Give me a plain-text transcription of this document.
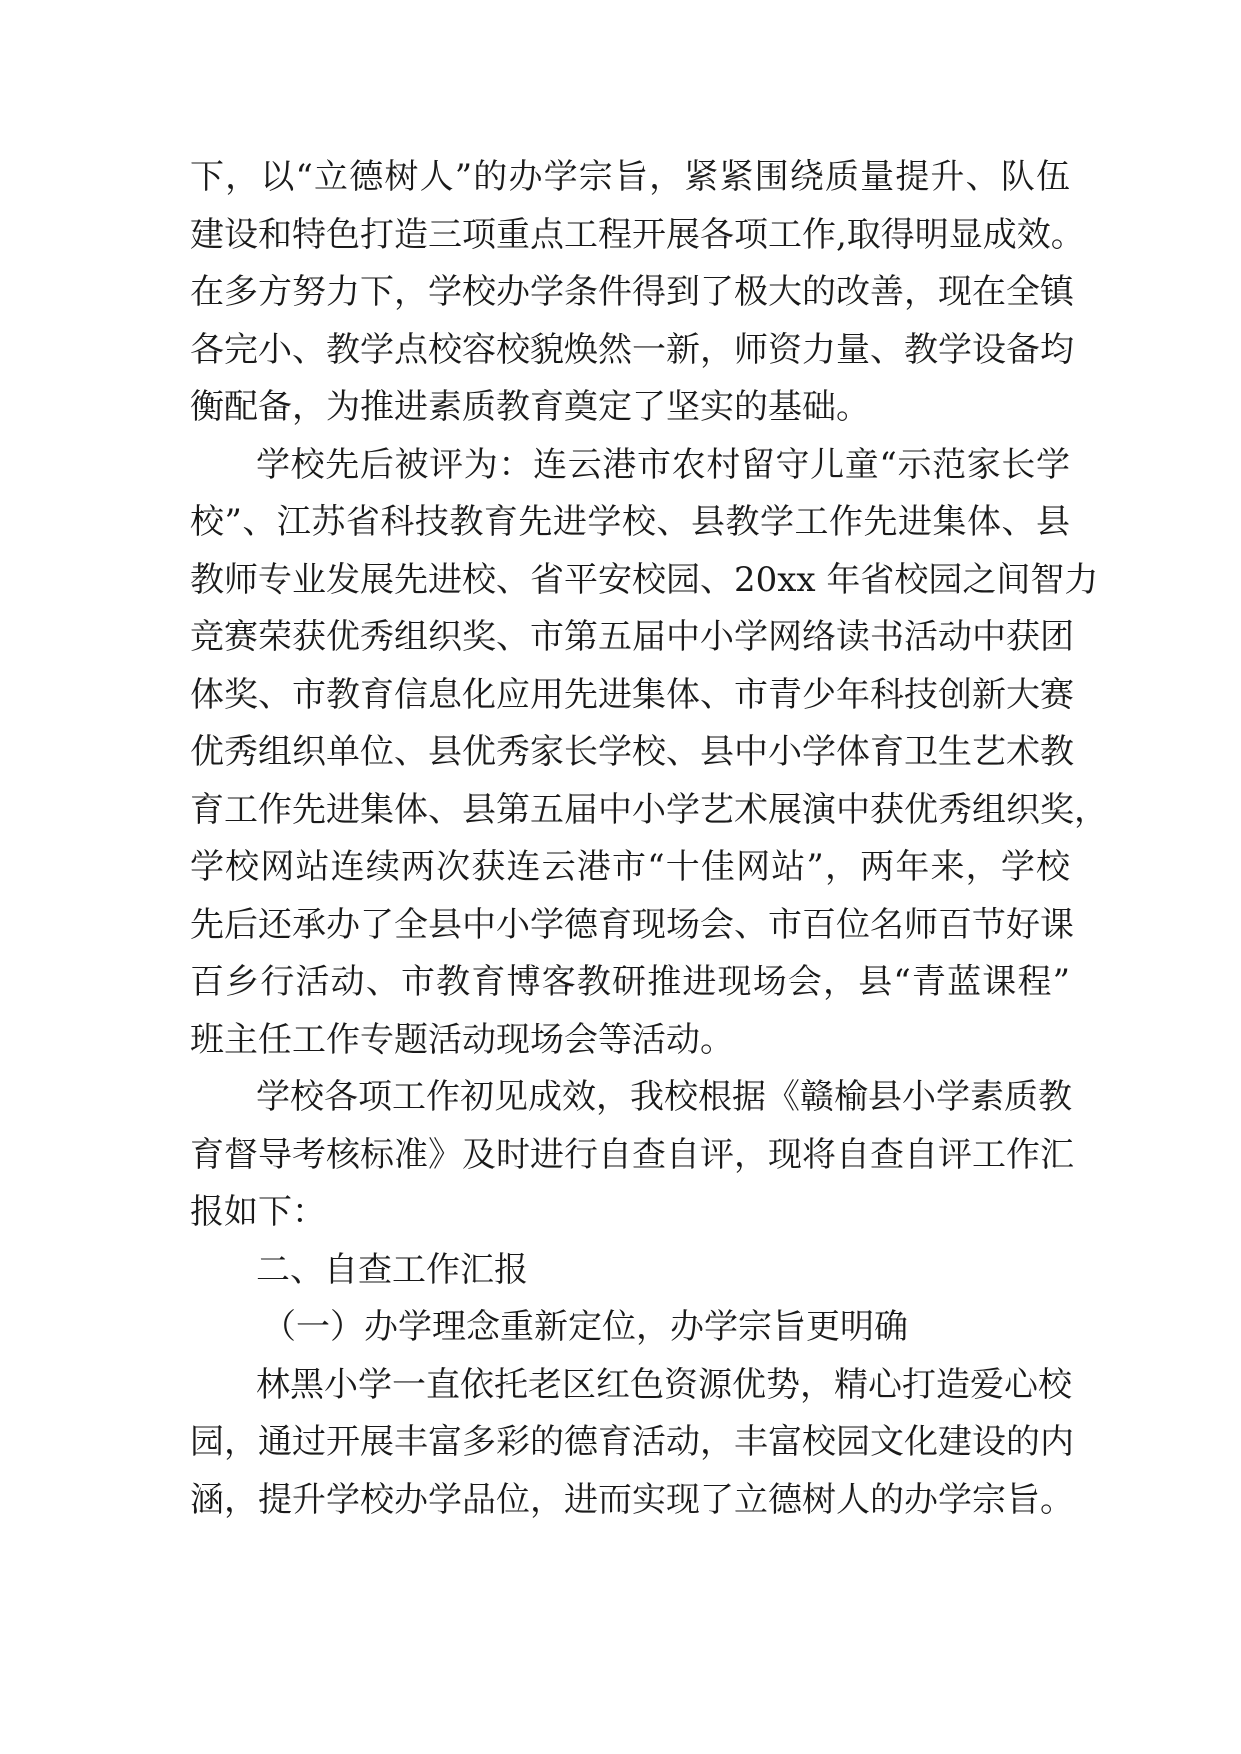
下，以“立德树人”的办学宗旨，紧紧围绕质量提升、队伍
建设和特色打造三项重点工程开展各项工作,取得明显成效。
在多方努力下，学校办学条件得到了极大的改善，现在全镇
各完小、教学点校容校貌焕然一新，师资力量、教学设备均
衡配备，为推进素质教育奠定了坚实的基础。
学校先后被评为：连云港市农村留守儿童“示范家长学
校”、江苏省科技教育先进学校、县教学工作先进集体、县
教师专业发展先进校、省平安校园、20xx 年省校园之间智力
竞赛荣获优秀组织奖、市第五届中小学网络读书活动中获团
体奖、市教育信息化应用先进集体、市青少年科技创新大赛
优秀组织单位、县优秀家长学校、县中小学体育卫生艺术教
育工作先进集体、县第五届中小学艺术展演中获优秀组织奖，
学校网站连续两次获连云港市“十佳网站”，两年来，学校
先后还承办了全县中小学德育现场会、市百位名师百节好课
百乡行活动、市教育博客教研推进现场会，县“青蓝课程”
班主任工作专题活动现场会等活动。
学校各项工作初见成效，我校根据《赣榆县小学素质教
育督导考核标准》及时进行自查自评，现将自查自评工作汇
报如下：
二、自查工作汇报
（一）办学理念重新定位，办学宗旨更明确
林黑小学一直依托老区红色资源优势，精心打造爱心校
园，通过开展丰富多彩的德育活动，丰富校园文化建设的内
涵，提升学校办学品位，进而实现了立德树人的办学宗旨。
